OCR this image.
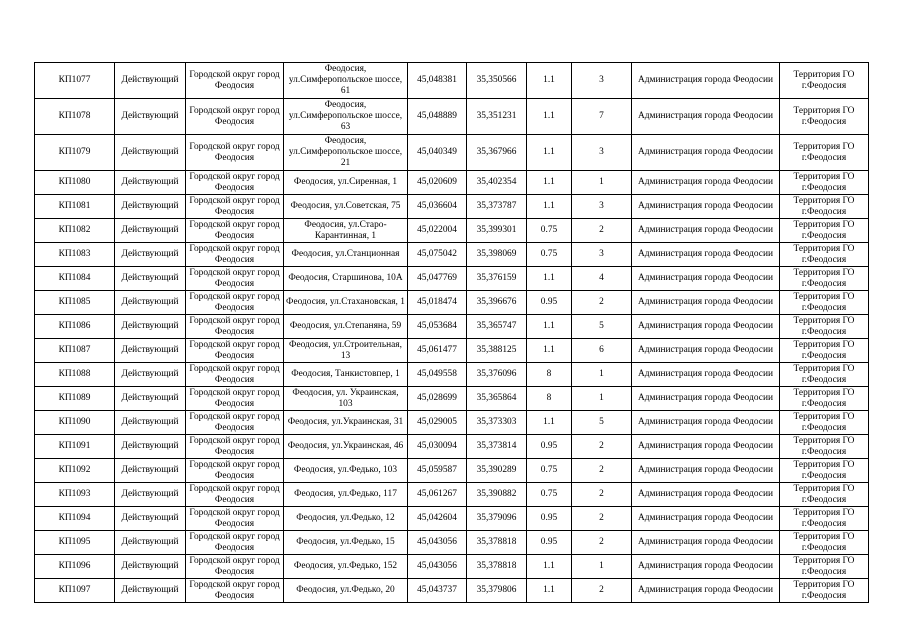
КП1077	Действующий	Городской округ город Феодосия	Феодосия, ул.Симферопольское шоссе, 61	45,048381	35,350566	1.1	3	Администрация города Феодосии	Территория ГО г.Феодосия
КП1078	Действующий	Городской округ город Феодосия	Феодосия, ул.Симферопольское шоссе, 63	45,048889	35,351231	1.1	7	Администрация города Феодосии	Территория ГО г.Феодосия
КП1079	Действующий	Городской округ город Феодосия	Феодосия, ул.Симферопольское шоссе, 21	45,040349	35,367966	1.1	3	Администрация города Феодосии	Территория ГО г.Феодосия
КП1080	Действующий	Городской округ город Феодосия	Феодосия, ул.Сиренная, 1	45,020609	35,402354	1.1	1	Администрация города Феодосии	Территория ГО г.Феодосия
КП1081	Действующий	Городской округ город Феодосия	Феодосия, ул.Советская, 75	45,036604	35,373787	1.1	3	Администрация города Феодосии	Территория ГО г.Феодосия
КП1082	Действующий	Городской округ город Феодосия	Феодосия, ул.Старо-Карантинная, 1	45,022004	35,399301	0.75	2	Администрация города Феодосии	Территория ГО г.Феодосия
КП1083	Действующий	Городской округ город Феодосия	Феодосия, ул.Станционная	45,075042	35,398069	0.75	3	Администрация города Феодосии	Территория ГО г.Феодосия
КП1084	Действующий	Городской округ город Феодосия	Феодосия, Старшинова, 10А	45,047769	35,376159	1.1	4	Администрация города Феодосии	Территория ГО г.Феодосия
КП1085	Действующий	Городской округ город Феодосия	Феодосия, ул.Стахановская, 1	45,018474	35,396676	0.95	2	Администрация города Феодосии	Территория ГО г.Феодосия
КП1086	Действующий	Городской округ город Феодосия	Феодосия, ул.Степаняна, 59	45,053684	35,365747	1.1	5	Администрация города Феодосии	Территория ГО г.Феодосия
КП1087	Действующий	Городской округ город Феодосия	Феодосия, ул.Строительная, 13	45,061477	35,388125	1.1	6	Администрация города Феодосии	Территория ГО г.Феодосия
КП1088	Действующий	Городской округ город Феодосия	Феодосия, Танкистовпер, 1	45,049558	35,376096	8	1	Администрация города Феодосии	Территория ГО г.Феодосия
КП1089	Действующий	Городской округ город Феодосия	Феодосия, ул. Украинская, 103	45,028699	35,365864	8	1	Администрация города Феодосии	Территория ГО г.Феодосия
КП1090	Действующий	Городской округ город Феодосия	Феодосия, ул.Украинская, 31	45,029005	35,373303	1.1	5	Администрация города Феодосии	Территория ГО г.Феодосия
КП1091	Действующий	Городской округ город Феодосия	Феодосия, ул.Украинская, 46	45,030094	35,373814	0.95	2	Администрация города Феодосии	Территория ГО г.Феодосия
КП1092	Действующий	Городской округ город Феодосия	Феодосия, ул.Федько, 103	45,059587	35,390289	0.75	2	Администрация города Феодосии	Территория ГО г.Феодосия
КП1093	Действующий	Городской округ город Феодосия	Феодосия, ул.Федько, 117	45,061267	35,390882	0.75	2	Администрация города Феодосии	Территория ГО г.Феодосия
КП1094	Действующий	Городской округ город Феодосия	Феодосия, ул.Федько, 12	45,042604	35,379096	0.95	2	Администрация города Феодосии	Территория ГО г.Феодосия
КП1095	Действующий	Городской округ город Феодосия	Феодосия, ул.Федько, 15	45,043056	35,378818	0.95	2	Администрация города Феодосии	Территория ГО г.Феодосия
КП1096	Действующий	Городской округ город Феодосия	Феодосия, ул.Федько, 152	45,043056	35,378818	1.1	1	Администрация города Феодосии	Территория ГО г.Феодосия
КП1097	Действующий	Городской округ город Феодосия	Феодосия, ул.Федько, 20	45,043737	35,379806	1.1	2	Администрация города Феодосии	Территория ГО г.Феодосия
